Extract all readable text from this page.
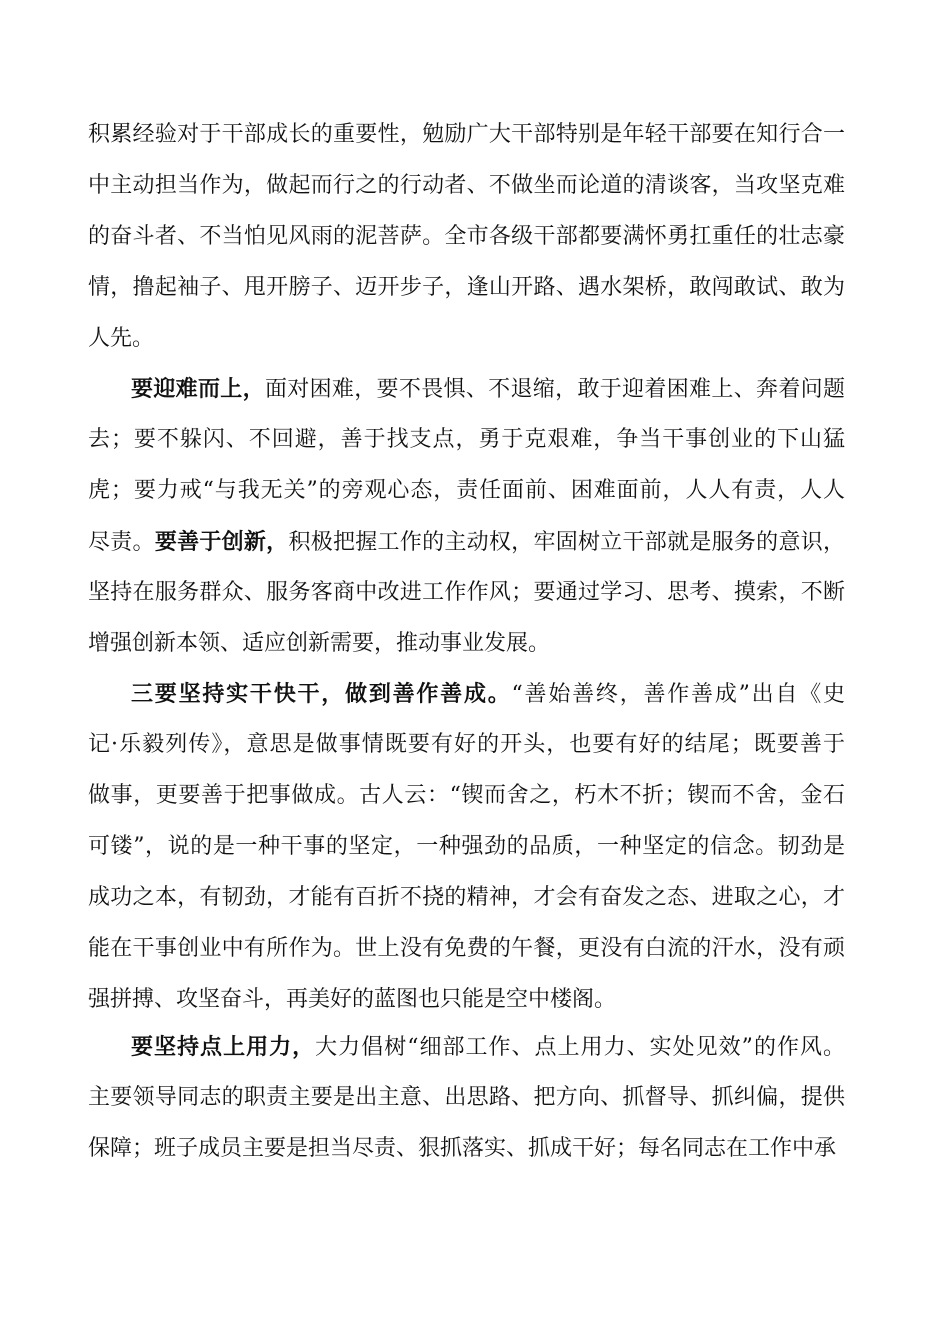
积累经验对于干部成长的重要性，勉励广大干部特别是年轻干部要在知行合一
中主动担当作为，做起而行之的行动者、不做坐而论道的清谈客，当攻坚克难
的奋斗者、不当怕见风雨的泥菩萨。全市各级干部都要满怀勇扛重任的壮志豪
情，撸起袖子、甩开膀子、迈开步子，逢山开路、遇水架桥，敢闯敢试、敢为
人先。
要迎难而上，面对困难，要不畏惧、不退缩，敢于迎着困难上、奔着问题
去；要不躲闪、不回避，善于找支点，勇于克艰难，争当干事创业的下山猛
虎；要力戒“与我无关”的旁观心态，责任面前、困难面前，人人有责，人人
尽责。要善于创新，积极把握工作的主动权，牢固树立干部就是服务的意识，
坚持在服务群众、服务客商中改进工作作风；要通过学习、思考、摸索，不断
增强创新本领、适应创新需要，推动事业发展。
三要坚持实干快干，做到善作善成。“善始善终，善作善成”出自《史
记·乐毅列传》，意思是做事情既要有好的开头，也要有好的结尾；既要善于
做事，更要善于把事做成。古人云：“锲而舍之，朽木不折；锲而不舍，金石
可镂”，说的是一种干事的坚定，一种强劲的品质，一种坚定的信念。韧劲是
成功之本，有韧劲，才能有百折不挠的精神，才会有奋发之态、进取之心，才
能在干事创业中有所作为。世上没有免费的午餐，更没有白流的汗水，没有顽
强拼搏、攻坚奋斗，再美好的蓝图也只能是空中楼阁。
要坚持点上用力，大力倡树“细部工作、点上用力、实处见效”的作风。
主要领导同志的职责主要是出主意、出思路、把方向、抓督导、抓纠偏，提供
保障；班子成员主要是担当尽责、狠抓落实、抓成干好；每名同志在工作中承
